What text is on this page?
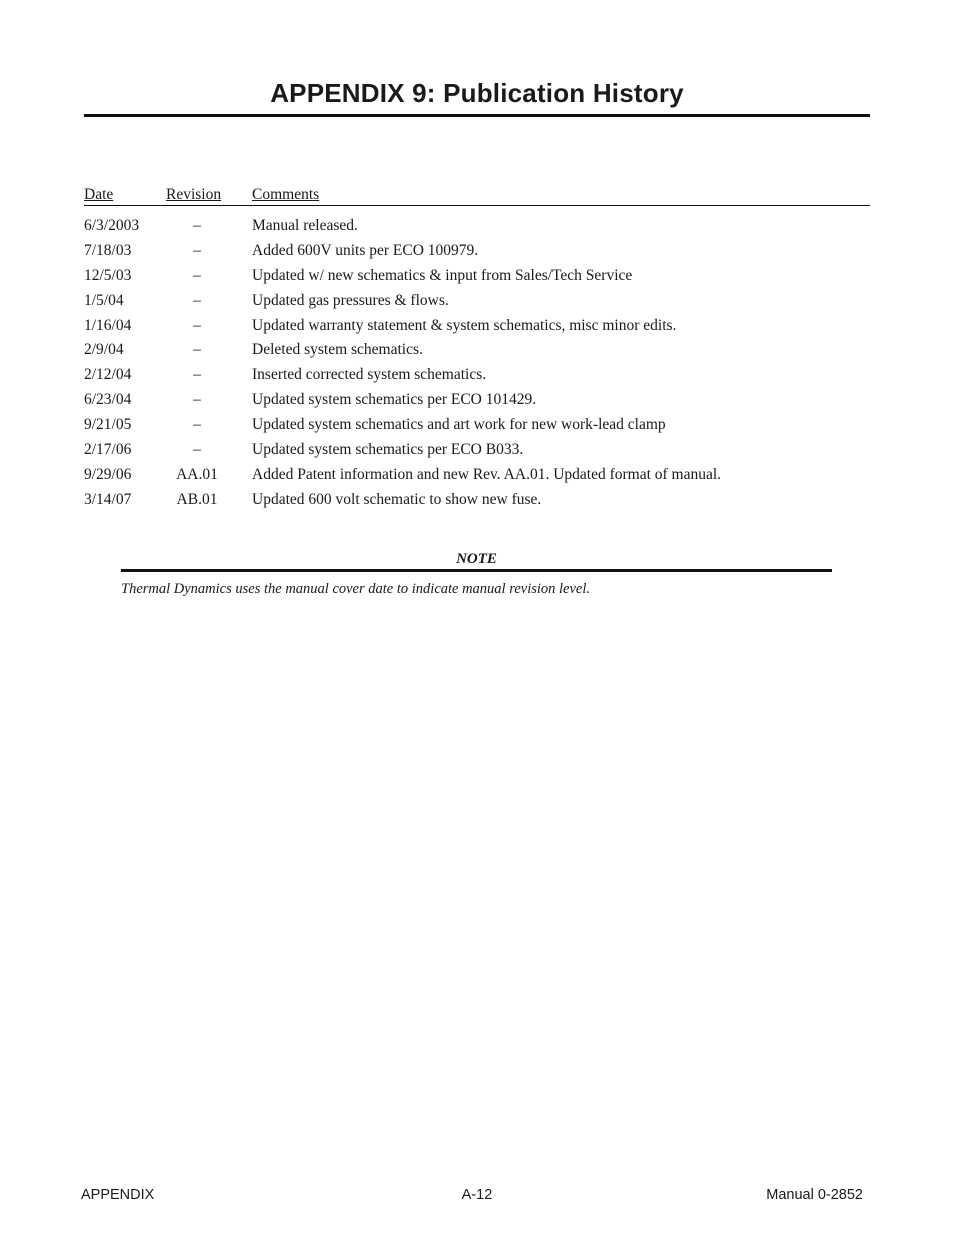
APPENDIX 9: Publication History
Date	Revision Comments
6/3/2003	–	Manual released.
7/18/03	–	Added 600V units per ECO 100979.
12/5/03	–	Updated w/ new schematics & input from Sales/Tech Service
1/5/04	–	Updated gas pressures & flows.
1/16/04	–	Updated warranty statement & system schematics, misc minor edits.
2/9/04	–	Deleted system schematics.
2/12/04	–	Inserted corrected system schematics.
6/23/04	–	Updated system schematics per ECO 101429.
9/21/05	–	Updated system schematics and art work for new work-lead clamp
2/17/06	–	Updated system schematics per ECO B033.
9/29/06	AA.01	Added Patent information and new Rev. AA.01. Updated format of manual.
3/14/07	AB.01	Updated 600 volt schematic to show new fuse.
NOTE
Thermal Dynamics uses the manual cover date to indicate manual revision level.
APPENDIX	A-12	Manual 0-2852
